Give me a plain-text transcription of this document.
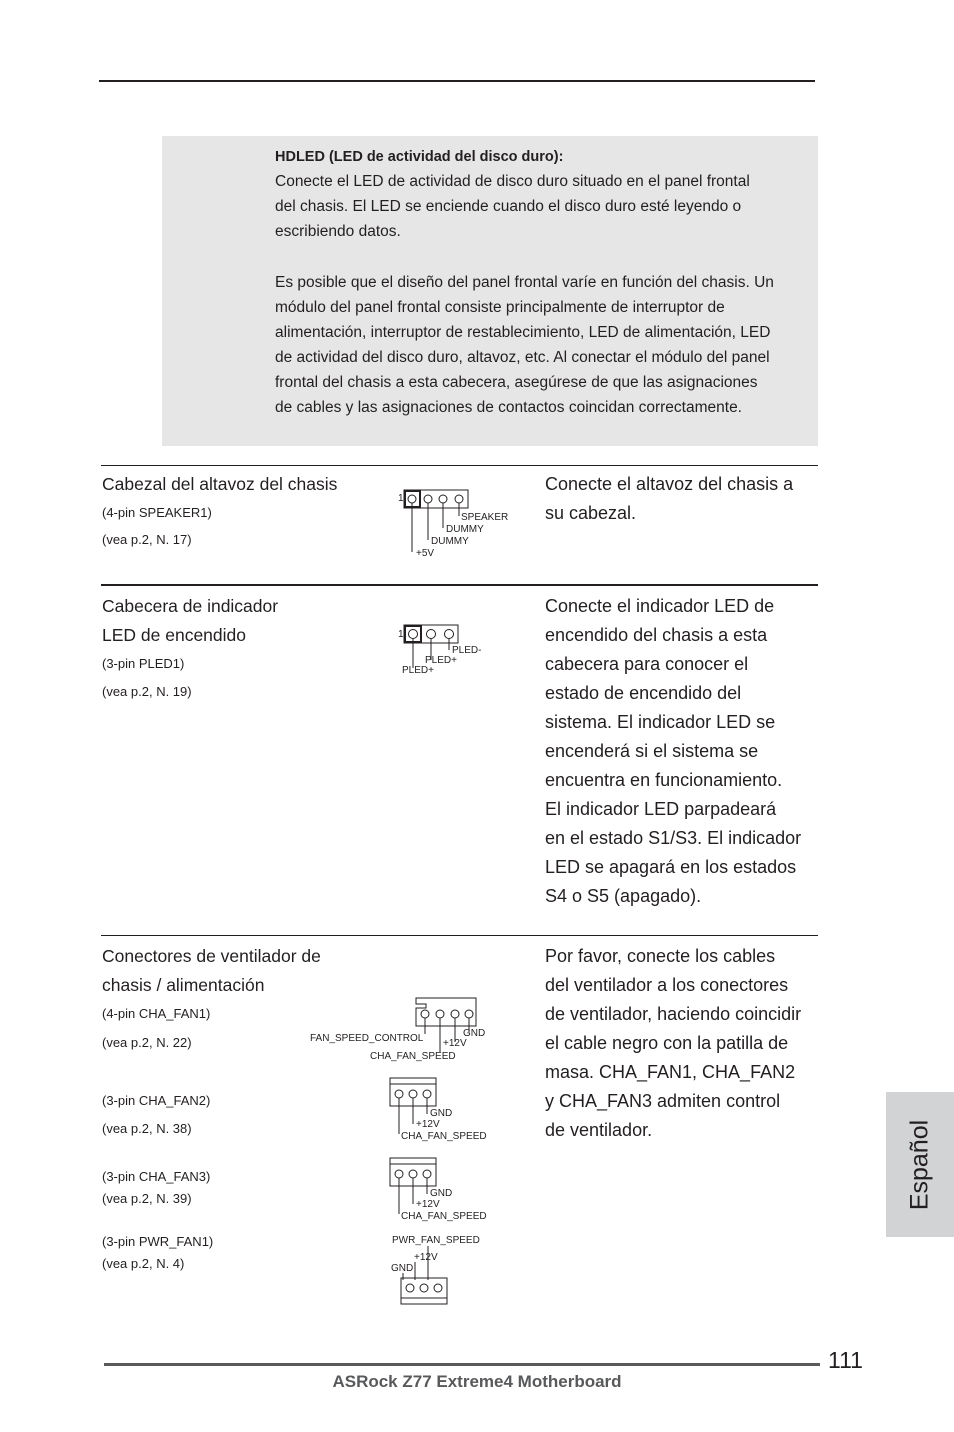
HDLED (LED de actividad del disco duro):
Conecte el LED de actividad de disco duro situado en el panel frontal
del chasis. El LED se enciende cuando el disco duro esté leyendo o
escribiendo datos.
Es posible que el diseño del panel frontal varíe en función del chasis. Un
módulo del panel frontal consiste principalmente de interruptor de
alimentación, interruptor de restablecimiento, LED de alimentación, LED
de actividad del disco duro, altavoz, etc. Al conectar el módulo del panel
frontal del chasis a esta cabecera, asegúrese de que las asignaciones
de cables y las asignaciones de contactos coincidan correctamente.
Cabezal del altavoz del chasis
(4-pin SPEAKER1)
(vea p.2, N. 17)

Conecte el altavoz del chasis a

su cabezal.

1
SPEAKER
DUMMY
DUMMY
+5V
Cabecera de indicador
LED de encendido
(3-pin PLED1)
(vea p.2, N. 19)

Conecte el indicador LED de

encendido del chasis a esta

cabecera para conocer el

estado de encendido del

sistema. El indicador LED se

encenderá si el sistema se

encuentra en funcionamiento.

El indicador LED parpadeará

en el estado S1/S3. El indicador

LED se apagará en los estados

S4 o S5 (apagado).

1
PLED-
PLED+
PLED+
Conectores de ventilador de
chasis / alimentación
(4-pin CHA_FAN1)
(vea p.2, N. 22)
(3-pin CHA_FAN2)
(vea p.2, N. 38)
(3-pin CHA_FAN3)
(vea p.2, N. 39)
(3-pin PWR_FAN1)
(vea p.2, N. 4)

Por favor, conecte los cables

del ventilador a los conectores

de ventilador, haciendo coincidir

el cable negro con la patilla de

masa. CHA_FAN1, CHA_FAN2

y CHA_FAN3 admiten control

de ventilador.

FAN_SPEED_CONTROL	GND
+12V
CHA_FAN_SPEED
GND
+12V
CHA_FAN_SPEED
GND
+12V
CHA_FAN_SPEED
PWR_FAN_SPEED
+12V
GND
Español
111
ASRock Z77 Extreme4 Motherboard
